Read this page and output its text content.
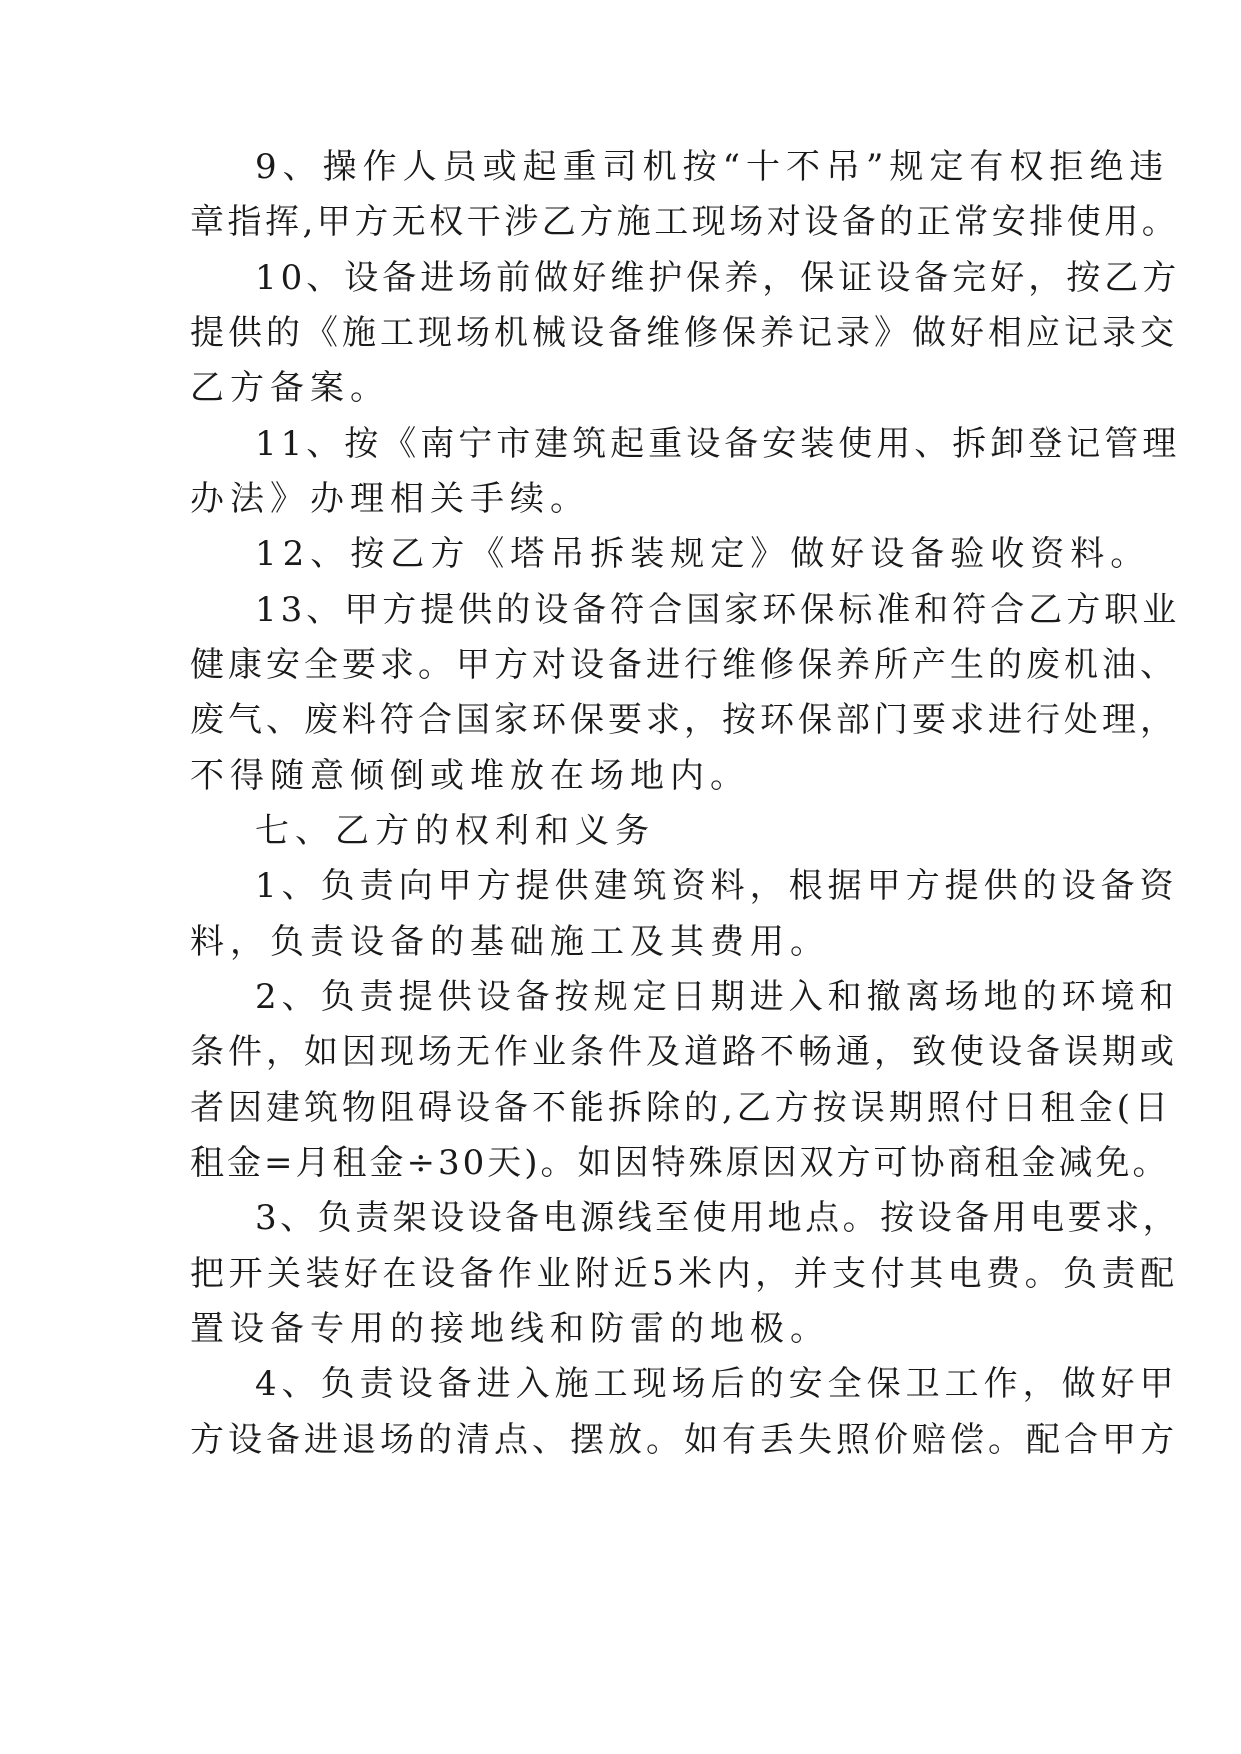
9、操作人员或起重司机按“十不吊”规定有权拒绝违
章指挥,甲方无权干涉乙方施工现场对设备的正常安排使用。
10、设备进场前做好维护保养，保证设备完好，按乙方
提供的《施工现场机械设备维修保养记录》做好相应记录交
乙方备案。
11、按《南宁市建筑起重设备安装使用、拆卸登记管理
办法》办理相关手续。
12、按乙方《塔吊拆装规定》做好设备验收资料。
13、甲方提供的设备符合国家环保标准和符合乙方职业
健康安全要求。甲方对设备进行维修保养所产生的废机油、
废气、废料符合国家环保要求，按环保部门要求进行处理，
不得随意倾倒或堆放在场地内。
七、乙方的权利和义务
1、负责向甲方提供建筑资料，根据甲方提供的设备资
料，负责设备的基础施工及其费用。
2、负责提供设备按规定日期进入和撤离场地的环境和
条件，如因现场无作业条件及道路不畅通，致使设备误期或
者因建筑物阻碍设备不能拆除的,乙方按误期照付日租金(日
租金=月租金÷30天)。如因特殊原因双方可协商租金减免。
3、负责架设设备电源线至使用地点。按设备用电要求，
把开关装好在设备作业附近5米内，并支付其电费。负责配
置设备专用的接地线和防雷的地极。
4、负责设备进入施工现场后的安全保卫工作，做好甲
方设备进退场的清点、摆放。如有丢失照价赔偿。配合甲方
